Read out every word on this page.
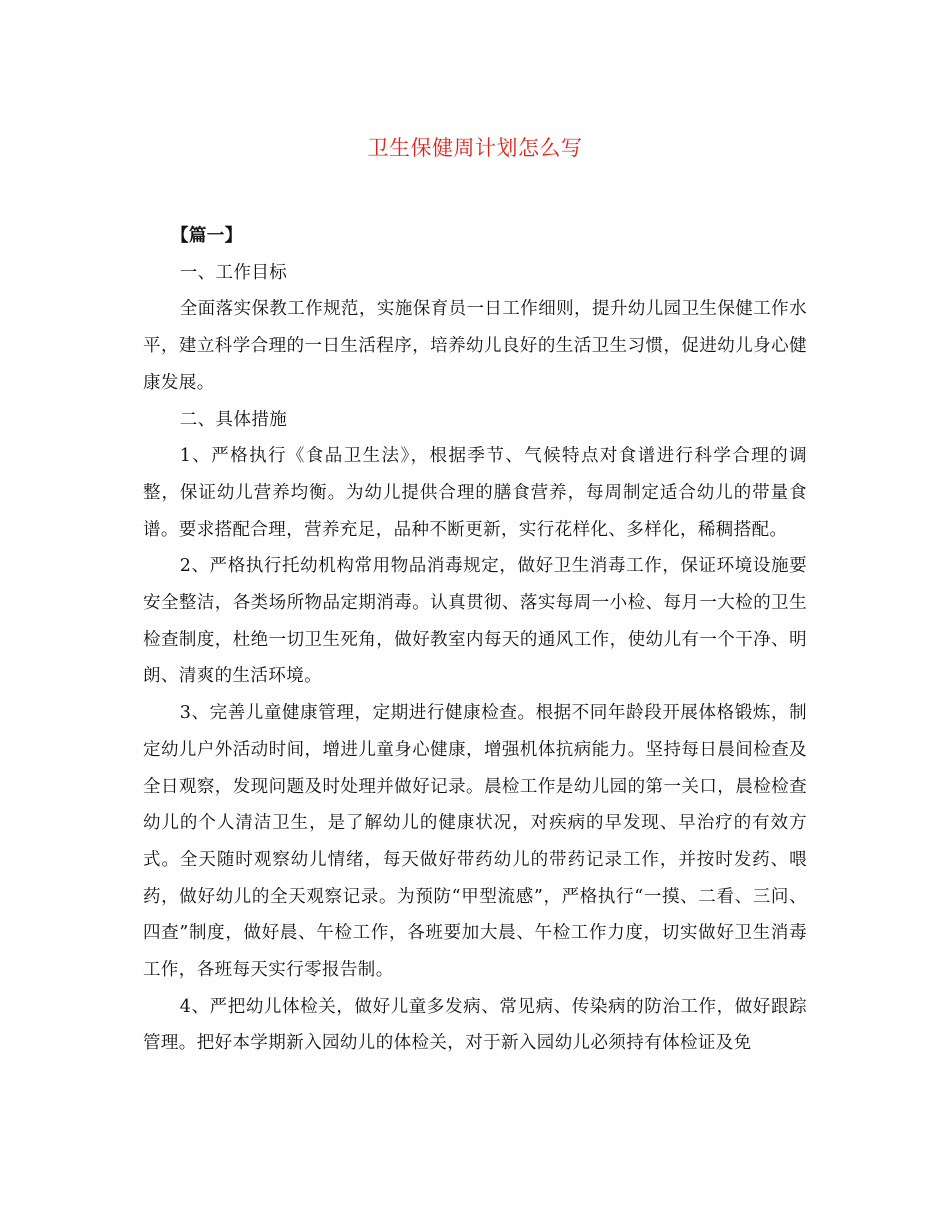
卫生保健周计划怎么写

【篇一】

一、工作目标

全面落实保教工作规范，实施保育员一日工作细则，提升幼儿园卫生保健工作水平，建立科学合理的一日生活程序，培养幼儿良好的生活卫生习惯，促进幼儿身心健康发展。

二、具体措施

1、严格执行《食品卫生法》，根据季节、气候特点对食谱进行科学合理的调整，保证幼儿营养均衡。为幼儿提供合理的膳食营养，每周制定适合幼儿的带量食谱。要求搭配合理，营养充足，品种不断更新，实行花样化、多样化，稀稠搭配。

2、严格执行托幼机构常用物品消毒规定，做好卫生消毒工作，保证环境设施要安全整洁，各类场所物品定期消毒。认真贯彻、落实每周一小检、每月一大检的卫生检查制度，杜绝一切卫生死角，做好教室内每天的通风工作，使幼儿有一个干净、明朗、清爽的生活环境。

3、完善儿童健康管理，定期进行健康检查。根据不同年龄段开展体格锻炼，制定幼儿户外活动时间，增进儿童身心健康，增强机体抗病能力。坚持每日晨间检查及全日观察，发现问题及时处理并做好记录。晨检工作是幼儿园的第一关口，晨检检查幼儿的个人清洁卫生，是了解幼儿的健康状况，对疾病的早发现、早治疗的有效方式。全天随时观察幼儿情绪，每天做好带药幼儿的带药记录工作，并按时发药、喂药，做好幼儿的全天观察记录。为预防“甲型流感”，严格执行“一摸、二看、三问、四查”制度，做好晨、午检工作，各班要加大晨、午检工作力度，切实做好卫生消毒工作，各班每天实行零报告制。

4、严把幼儿体检关，做好儿童多发病、常见病、传染病的防治工作，做好跟踪管理。把好本学期新入园幼儿的体检关，对于新入园幼儿必须持有体检证及免
